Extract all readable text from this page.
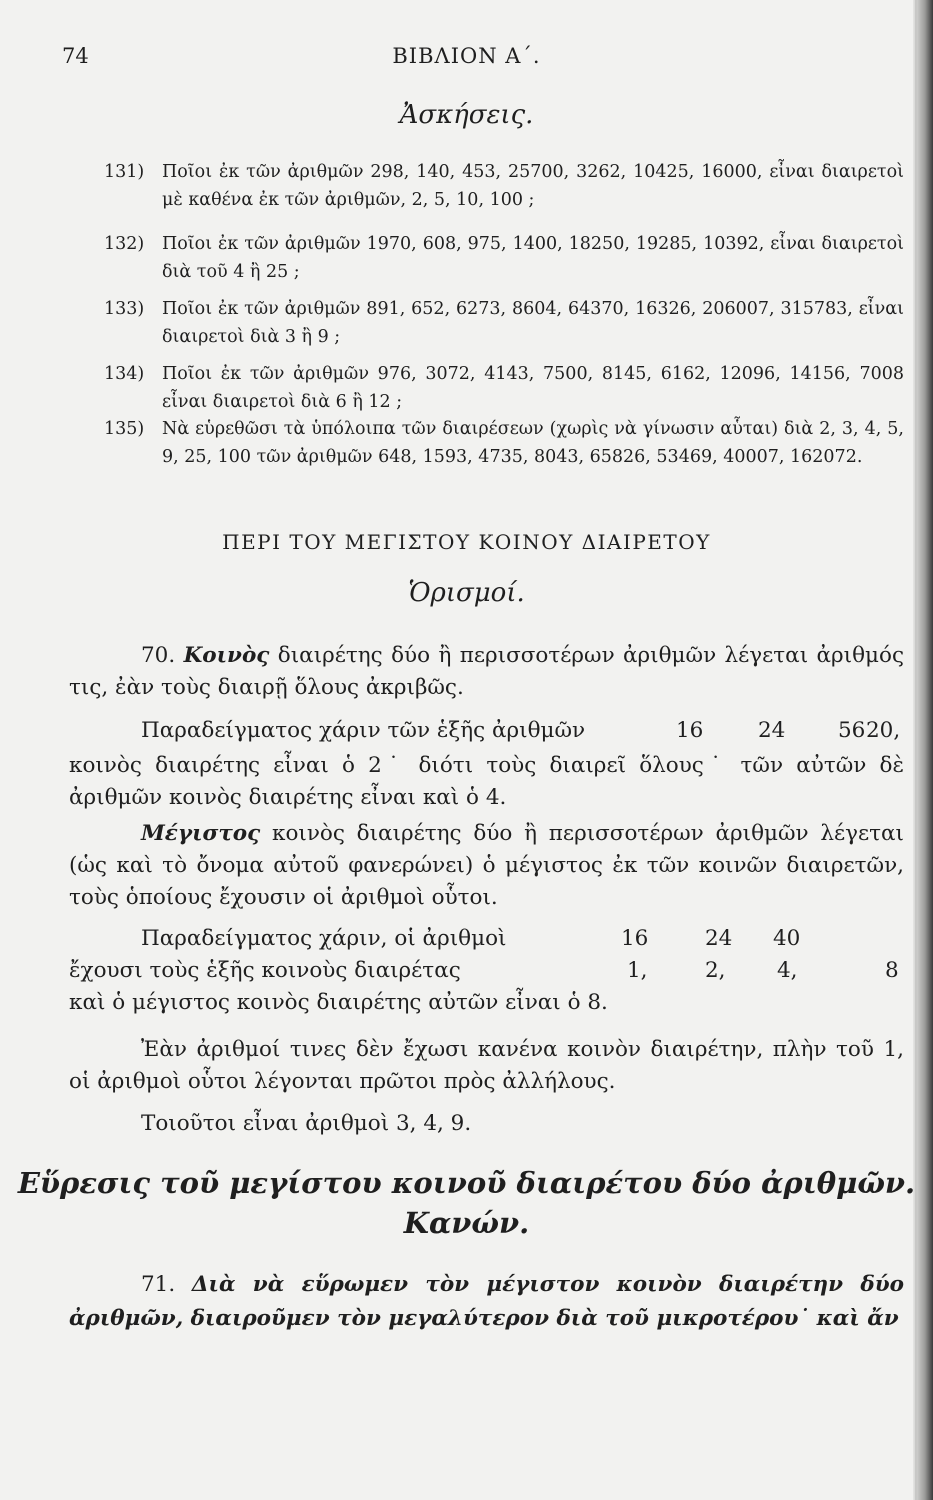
74	ΒΙΒΛΙΟΝ Α΄.
Ἀσκήσεις.
131)	Ποῖοι ἐκ τῶν ἀριθμῶν 298, 140, 453, 25700, 3262, 10425, 16000, εἶναι διαιρετοὶ μὲ καθένα ἐκ τῶν ἀριθμῶν, 2, 5, 10, 100 ;
132)	Ποῖοι ἐκ τῶν ἀριθμῶν 1970, 608, 975, 1400, 18250, 19285, 10392, εἶναι διαιρετοὶ διὰ τοῦ 4 ἢ 25 ;
133)	Ποῖοι ἐκ τῶν ἀριθμῶν 891, 652, 6273, 8604, 64370, 16326, 206007, 315783, εἶναι διαιρετοὶ διὰ 3 ἢ 9 ;
134)	Ποῖοι ἐκ τῶν ἀριθμῶν 976, 3072, 4143, 7500, 8145, 6162, 12096, 14156, 7008 εἶναι διαιρετοὶ διὰ 6 ἢ 12 ;
135)	Νὰ εὑρεθῶσι τὰ ὑπόλοιπα τῶν διαιρέσεων (χωρὶς νὰ γίνωσιν αὗται) διὰ 2, 3, 4, 5, 9, 25, 100 τῶν ἀριθμῶν 648, 1593, 4735, 8043, 65826, 53469, 40007, 162072.
ΠΕΡΙ ΤΟΥ ΜΕΓΙΣΤΟΥ ΚΟΙΝΟΥ ΔΙΑΙΡΕΤΟΥ
Ὁρισμοί.
70. Κοινὸς διαιρέτης δύο ἢ περισσοτέρων ἀριθμῶν λέγεται ἀριθμός τις, ἐὰν τοὺς διαιρῇ ὅλους ἀκριβῶς.
Παραδείγματος χάριν τῶν ἑξῆς ἀριθμῶν	16	24 56 20,
κοινὸς διαιρέτης εἶναι ὁ 2˙ διότι τοὺς διαιρεῖ ὅλους˙ τῶν αὐτῶν δὲ ἀριθμῶν κοινὸς διαιρέτης εἶναι καὶ ὁ 4.
Μέγιστος κοινὸς διαιρέτης δύο ἢ περισσοτέρων ἀριθμῶν λέγεται (ὡς καὶ τὸ ὄνομα αὐτοῦ φανερώνει) ὁ μέγιστος ἐκ τῶν κοινῶν διαιρετῶν, τοὺς ὁποίους ἔχουσιν οἱ ἀριθμοὶ οὗτοι.
Παραδείγματος χάριν, οἱ ἀριθμοὶ	16	24 40
ἔχουσι τοὺς ἑξῆς κοινοὺς διαιρέτας	1,	2, 4,	8
καὶ ὁ μέγιστος κοινὸς διαιρέτης αὐτῶν εἶναι ὁ 8.
Ἐὰν ἀριθμοί τινες δὲν ἔχωσι κανένα κοινὸν διαιρέτην, πλὴν τοῦ 1, οἱ ἀριθμοὶ οὗτοι λέγονται πρῶτοι πρὸς ἀλλήλους.
Τοιοῦτοι εἶναι ἀριθμοὶ 3, 4, 9.
Εὕρεσις τοῦ μεγίστου κοινοῦ διαιρέτου δύο ἀριθμῶν.
Κανών.
71. Διὰ νὰ εὕρωμεν τὸν μέγιστον κοινὸν διαιρέτην δύο ἀριθμῶν, διαιροῦμεν τὸν μεγαλύτερον διὰ τοῦ μικροτέρου˙ καὶ ἄν
